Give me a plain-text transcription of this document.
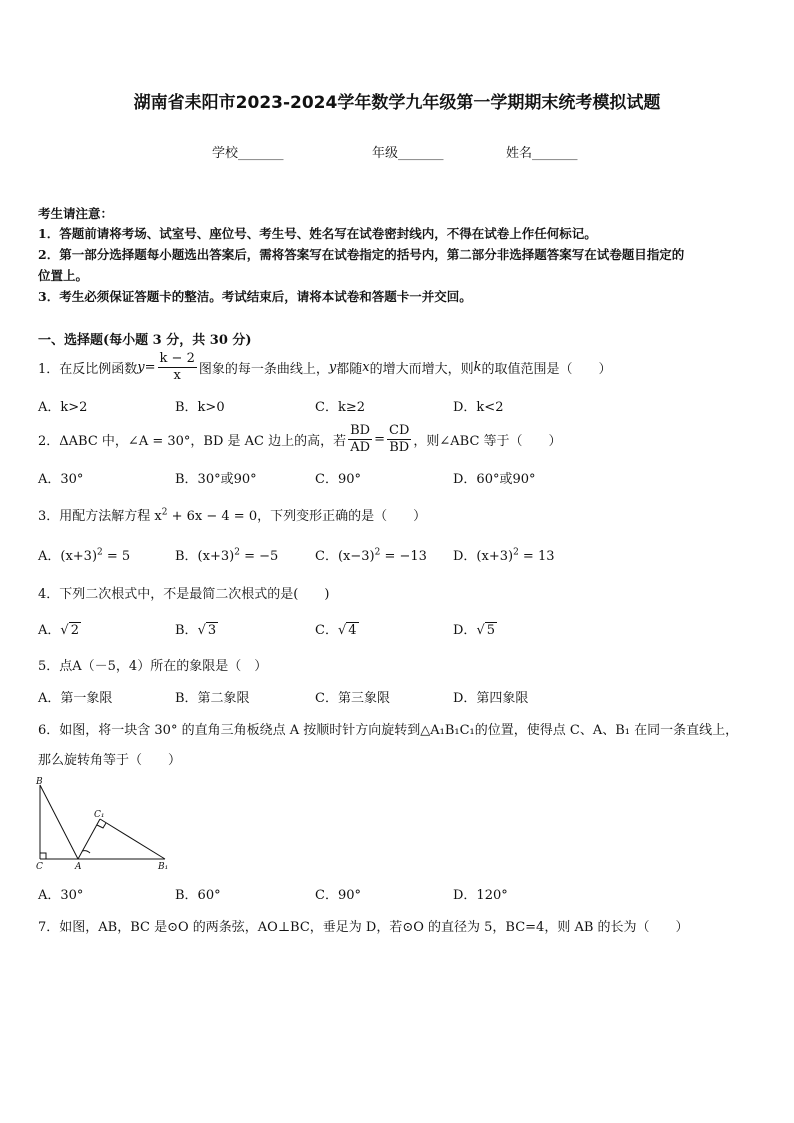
湖南省耒阳市2023-2024学年数学九年级第一学期期末统考模拟试题
学校_______	年级_______	姓名_______
考生请注意：
1．答题前请将考场、试室号、座位号、考生号、姓名写在试卷密封线内，不得在试卷上作任何标记。
2．第一部分选择题每小题选出答案后，需将答案写在试卷指定的括号内，第二部分非选择题答案写在试卷题目指定的
位置上。
3．考生必须保证答题卡的整洁。考试结束后，请将本试卷和答题卡一并交回。
一、选择题(每小题 3 分，共 30 分)
1．在反比例函数 $y = \frac{k - 2}{x}$ 图象的每一条曲线上， y 都随 x 的增大而增大，则 k 的取值范围是（　　）
A．k>2	B．k>0	C．k≥2	D．k<2
2．ΔABC 中，∠A = 30°，BD 是 AC 边上的高，若 $\frac{BD}{AD} = \frac{CD}{BD}$ ，则∠ABC 等于（　　）
A．30°	B．30°或90°	C．90°	D．60°或90°
3．用配方法解方程 $x^2 + 6x - 4 = 0$，下列变形正确的是（　　）
A．$(x+3)^2 = 5$	B．$(x+3)^2 = -5$	C．$(x-3)^2 = -13$ D．$(x+3)^2 = 13$
4．下列二次根式中，不是最简二次根式的是(　　)
A．√ 2	B．√ 3	C．√ 4	D．√ 5
5．点A（－5，4）所在的象限是（　）
A．第一象限	B．第二象限	C．第三象限	D．第四象限
6．如图，将一块含 30° 的直角三角板绕点 A 按顺时针方向旋转到△A₁B₁C₁的位置，使得点 C、A、B₁ 在同一条直线上，
那么旋转角等于（　　）
B
C	A
C₁
B₁
A．30°	B．60°	C．90°	D．120°
7．如图，AB，BC 是⊙O 的两条弦，AO⊥BC，垂足为 D，若⊙O 的直径为 5，BC=4，则 AB 的长为（　　）
